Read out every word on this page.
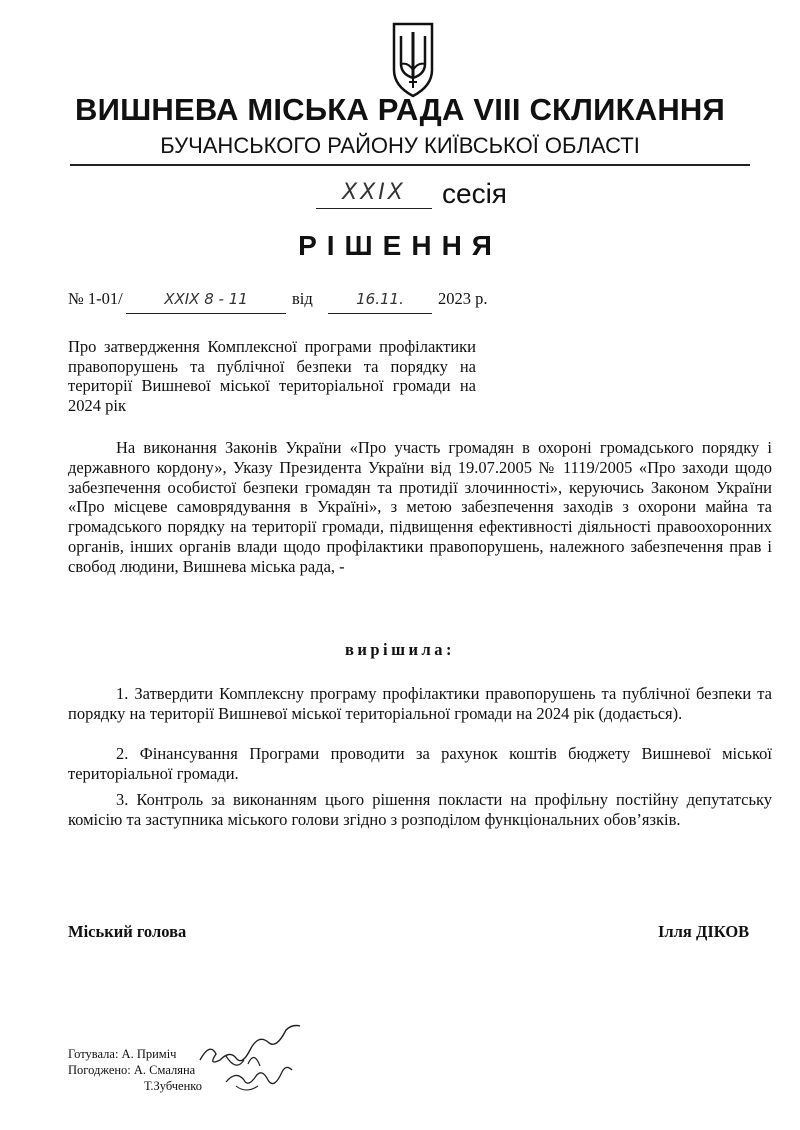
ВИШНЕВА МІСЬКА РАДА VIII СКЛИКАННЯ
БУЧАНСЬКОГО РАЙОНУ КИЇВСЬКОЇ ОБЛАСТІ
XXIX	сесія
РІШЕННЯ
№ 1-01/	XXIX 8 - 11	від	16.11.	2023 р.
Про затвердження Комплексної програми профілактики правопорушень та публічної безпеки та порядку на території Вишневої міської територіальної громади на 2024 рік
На виконання Законів України «Про участь громадян в охороні громадського порядку і державного кордону», Указу Президента України від 19.07.2005 № 1119/2005 «Про заходи щодо забезпечення особистої безпеки громадян та протидії злочинності», керуючись Законом України «Про місцеве самоврядування в Україні», з метою забезпечення заходів з охорони майна та громадського порядку на території громади, підвищення ефективності діяльності правоохоронних органів, інших органів влади щодо профілактики правопорушень, належного забезпечення прав і свобод людини, Вишнева міська рада, -
вирішила:
1. Затвердити Комплексну програму профілактики правопорушень та публічної безпеки та порядку на території Вишневої міської територіальної громади на 2024 рік (додається).
2. Фінансування Програми проводити за рахунок коштів бюджету Вишневої міської територіальної громади.
3. Контроль за виконанням цього рішення покласти на профільну постійну депутатську комісію та заступника міського голови згідно з розподілом функціональних обов’язків.
Міський голова	Ілля ДІКОВ
Готувала: А. Приміч
Погоджено: А. Смаляна
Т.Зубченко
